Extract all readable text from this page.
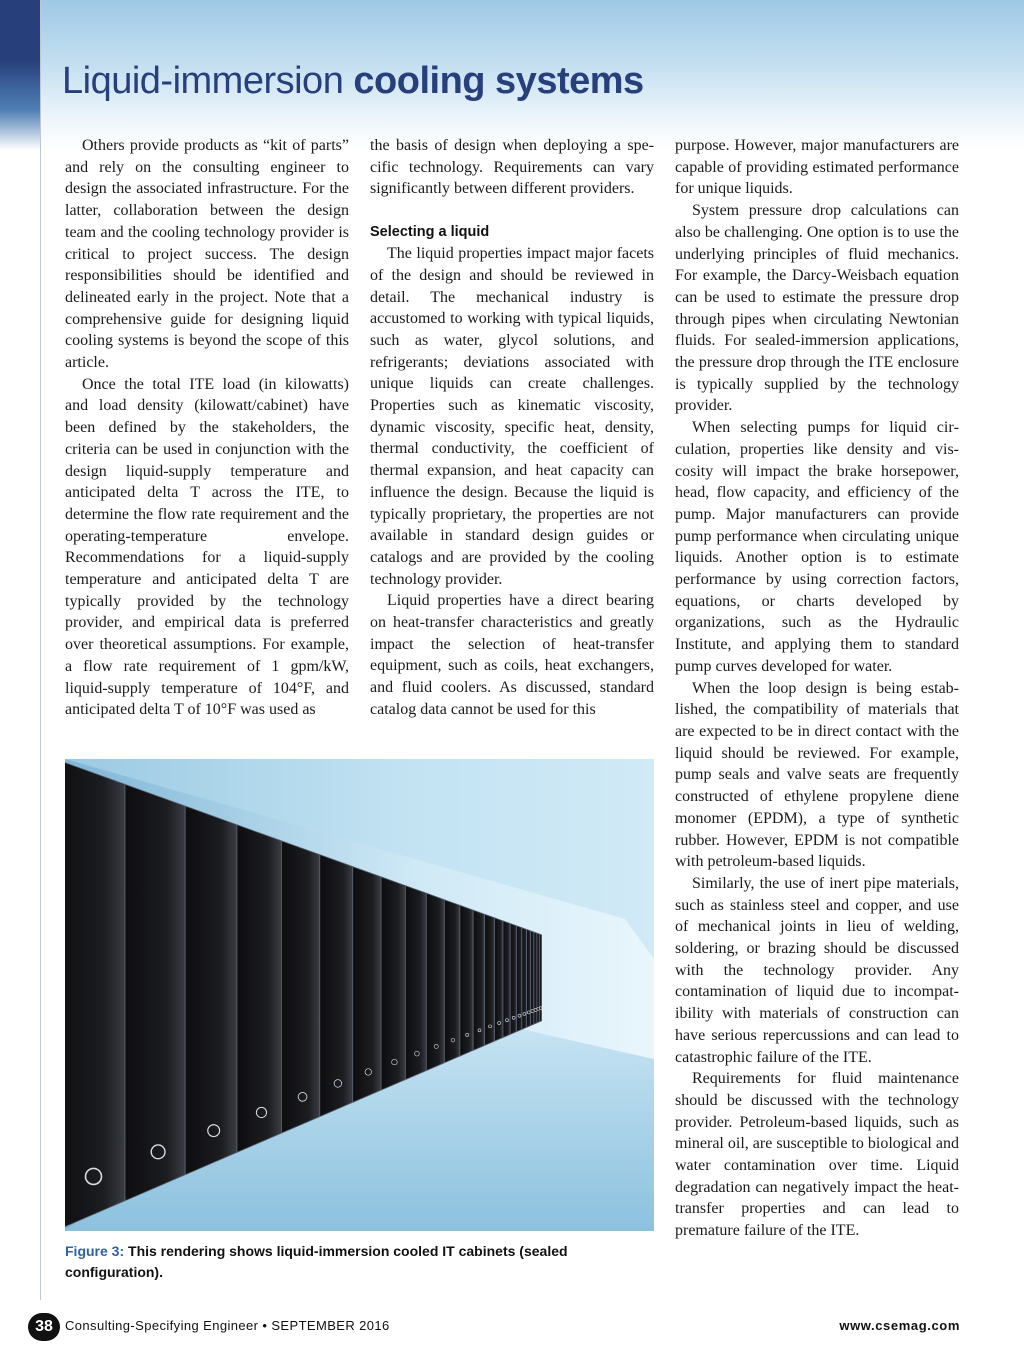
Liquid-immersion cooling systems

Others provide products as “kit of parts” and rely on the consulting engineer to design the associated infrastructure. For the latter, collaboration between the design team and the cooling technology provider is critical to project success. The design responsibilities should be identified and delineated early in the project. Note that a comprehensive guide for designing liquid cooling systems is beyond the scope of this article.

Once the total ITE load (in kilowatts) and load density (kilowatt/cabinet) have been defined by the stakeholders, the criteria can be used in conjunction with the design liquid-supply temperature and anticipated delta T across the ITE, to determine the flow rate requirement and the operating-temperature envelope. Recommendations for a liquid-supply temperature and anticipated delta T are typically provided by the technology provider, and empirical data is preferred over theoretical assumptions. For example, a flow rate requirement of 1 gpm/kW, liquid-supply temperature of 104°F, and anticipated delta T of 10°F was used as

the basis of design when deploying a specific technology. Requirements can vary significantly between different providers.

Selecting a liquid

The liquid properties impact major facets of the design and should be reviewed in detail. The mechanical industry is accustomed to working with typical liquids, such as water, glycol solutions, and refrigerants; deviations associated with unique liquids can create challenges. Properties such as kinematic viscosity, dynamic viscosity, specific heat, density, thermal conductivity, the coefficient of thermal expansion, and heat capacity can influence the design. Because the liquid is typically proprietary, the properties are not available in standard design guides or catalogs and are provided by the cooling technology provider.

Liquid properties have a direct bearing on heat-transfer characteristics and greatly impact the selection of heat-transfer equipment, such as coils, heat exchangers, and fluid coolers. As discussed, standard catalog data cannot be used for this

purpose. However, major manufacturers are capable of providing estimated performance for unique liquids.

System pressure drop calculations can also be challenging. One option is to use the underlying principles of fluid mechanics. For example, the Darcy-Weisbach equation can be used to estimate the pressure drop through pipes when circulating Newtonian fluids. For sealed-immersion applications, the pressure drop through the ITE enclosure is typically supplied by the technology provider.

When selecting pumps for liquid circulation, properties like density and viscosity will impact the brake horsepower, head, flow capacity, and efficiency of the pump. Major manufacturers can provide pump performance when circulating unique liquids. Another option is to estimate performance by using correction factors, equations, or charts developed by organizations, such as the Hydraulic Institute, and applying them to standard pump curves developed for water.

When the loop design is being established, the compatibility of materials that are expected to be in direct contact with the liquid should be reviewed. For example, pump seals and valve seats are frequently constructed of ethylene propylene diene monomer (EPDM), a type of synthetic rubber. However, EPDM is not compatible with petroleum-based liquids.

Similarly, the use of inert pipe materials, such as stainless steel and copper, and use of mechanical joints in lieu of welding, soldering, or brazing should be discussed with the technology provider. Any contamination of liquid due to incompatibility with materials of construction can have serious repercussions and can lead to catastrophic failure of the ITE.

Requirements for fluid maintenance should be discussed with the technology provider. Petroleum-based liquids, such as mineral oil, are susceptible to biological and water contamination over time. Liquid degradation can negatively impact the heat-transfer properties and can lead to premature failure of the ITE.

Figure 3: This rendering shows liquid-immersion cooled IT cabinets (sealed configuration).
38 Consulting-Specifying Engineer • SEPTEMBER 2016	www.csemag.com
